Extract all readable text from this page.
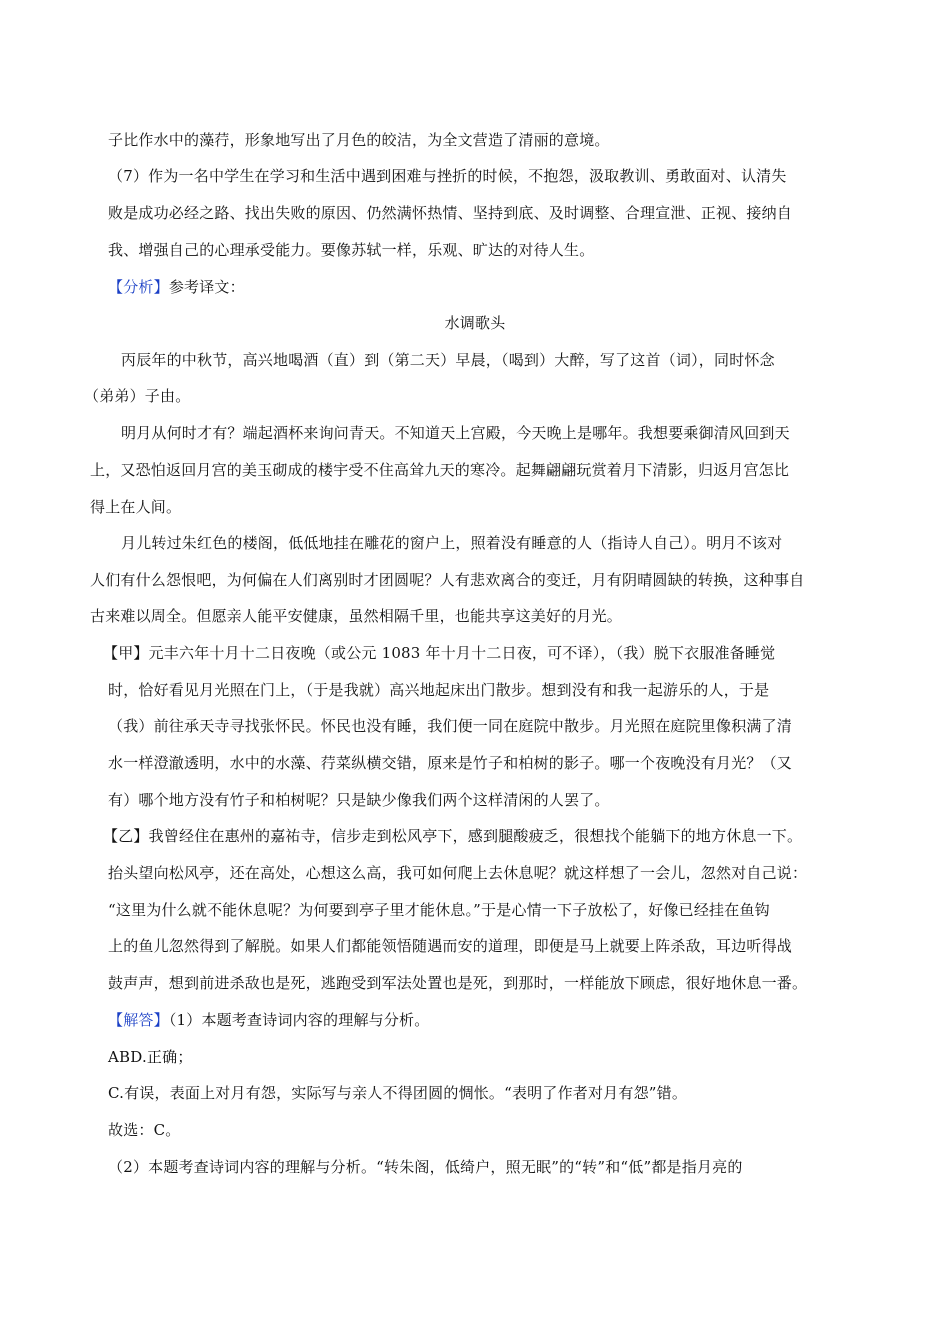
子比作水中的藻荇，形象地写出了月色的皎洁，为全文营造了清丽的意境。
（7）作为一名中学生在学习和生活中遇到困难与挫折的时候，不抱怨，汲取教训、勇敢面对、认清失
败是成功必经之路、找出失败的原因、仍然满怀热情、坚持到底、及时调整、合理宣泄、正视、接纳自
我、增强自己的心理承受能力。要像苏轼一样，乐观、旷达的对待人生。
【分析】参考译文：
水调歌头
丙辰年的中秋节，高兴地喝酒（直）到（第二天）早晨，（喝到）大醉，写了这首（词），同时怀念
（弟弟）子由。
明月从何时才有？端起酒杯来询问青天。不知道天上宫殿，今天晚上是哪年。我想要乘御清风回到天
上，又恐怕返回月宫的美玉砌成的楼宇受不住高耸九天的寒冷。起舞翩翩玩赏着月下清影，归返月宫怎比
得上在人间。
月儿转过朱红色的楼阁，低低地挂在雕花的窗户上，照着没有睡意的人（指诗人自己）。明月不该对
人们有什么怨恨吧，为何偏在人们离别时才团圆呢？人有悲欢离合的变迁，月有阴晴圆缺的转换，这种事自
古来难以周全。但愿亲人能平安健康，虽然相隔千里，也能共享这美好的月光。
【甲】元丰六年十月十二日夜晚（或公元 1083 年十月十二日夜，可不译），（我）脱下衣服准备睡觉
时，恰好看见月光照在门上，（于是我就）高兴地起床出门散步。想到没有和我一起游乐的人，于是
（我）前往承天寺寻找张怀民。怀民也没有睡，我们便一同在庭院中散步。月光照在庭院里像积满了清
水一样澄澈透明，水中的水藻、荇菜纵横交错，原来是竹子和柏树的影子。哪一个夜晚没有月光？（又
有）哪个地方没有竹子和柏树呢？只是缺少像我们两个这样清闲的人罢了。
【乙】我曾经住在惠州的嘉祐寺，信步走到松风亭下，感到腿酸疲乏，很想找个能躺下的地方休息一下。
抬头望向松风亭，还在高处，心想这么高，我可如何爬上去休息呢？就这样想了一会儿，忽然对自己说：
“这里为什么就不能休息呢？为何要到亭子里才能休息。”于是心情一下子放松了，好像已经挂在鱼钩
上的鱼儿忽然得到了解脱。如果人们都能领悟随遇而安的道理，即便是马上就要上阵杀敌，耳边听得战
鼓声声，想到前进杀敌也是死，逃跑受到军法处置也是死，到那时，一样能放下顾虑，很好地休息一番。
【解答】（1）本题考查诗词内容的理解与分析。
ABD.正确；
C.有误，表面上对月有怨，实际写与亲人不得团圆的惆怅。“表明了作者对月有怨”错。
故选：C。
（2）本题考查诗词内容的理解与分析。“转朱阁，低绮户，照无眠”的“转”和“低”都是指月亮的
